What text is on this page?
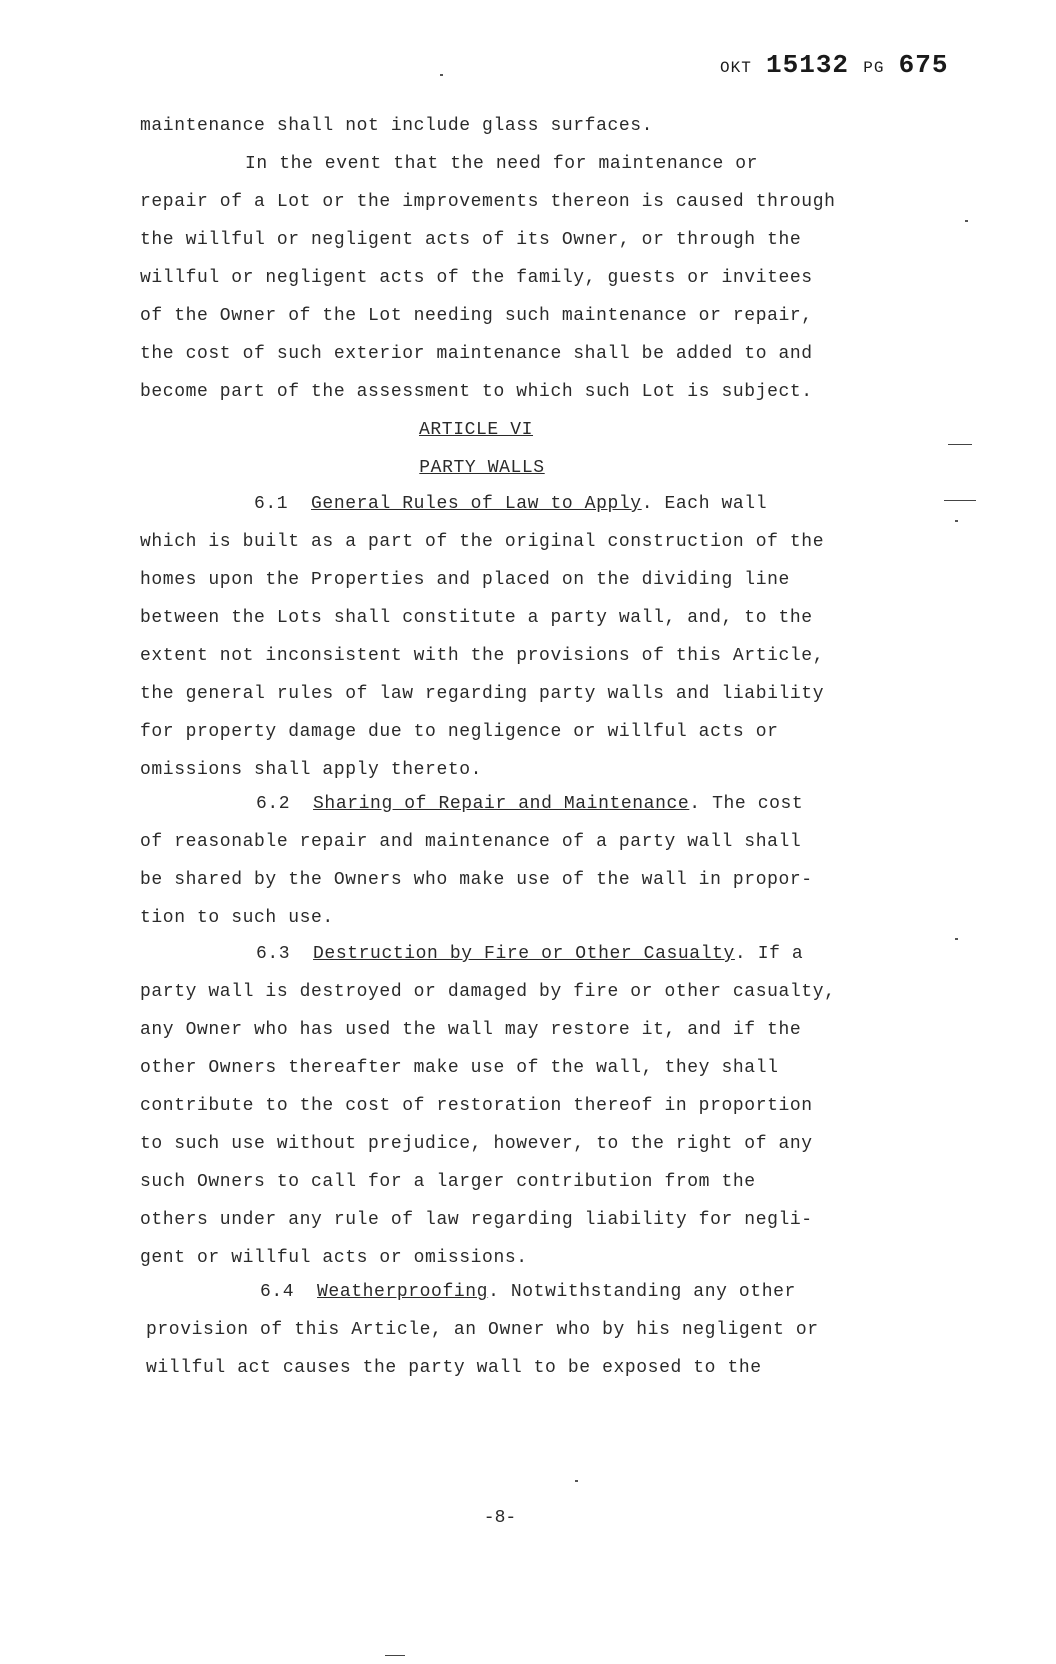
OKT 15132 PG 675
maintenance shall not include glass surfaces.
In the event that the need for maintenance or
repair of a Lot or the improvements thereon is caused through
the willful or negligent acts of its Owner, or through the
willful or negligent acts of the family, guests or invitees
of the Owner of the Lot needing such maintenance or repair,
the cost of such exterior maintenance shall be added to and
become part of the assessment to which such Lot is subject.
ARTICLE VI
PARTY WALLS
6.1 General Rules of Law to Apply. Each wall
which is built as a part of the original construction of the
homes upon the Properties and placed on the dividing line
between the Lots shall constitute a party wall, and, to the
extent not inconsistent with the provisions of this Article,
the general rules of law regarding party walls and liability
for property damage due to negligence or willful acts or
omissions shall apply thereto.
6.2 Sharing of Repair and Maintenance. The cost
of reasonable repair and maintenance of a party wall shall
be shared by the Owners who make use of the wall in propor-
tion to such use.
6.3 Destruction by Fire or Other Casualty. If a
party wall is destroyed or damaged by fire or other casualty,
any Owner who has used the wall may restore it, and if the
other Owners thereafter make use of the wall, they shall
contribute to the cost of restoration thereof in proportion
to such use without prejudice, however, to the right of any
such Owners to call for a larger contribution from the
others under any rule of law regarding liability for negli-
gent or willful acts or omissions.
6.4 Weatherproofing. Notwithstanding any other
provision of this Article, an Owner who by his negligent or
willful act causes the party wall to be exposed to the
-8-
